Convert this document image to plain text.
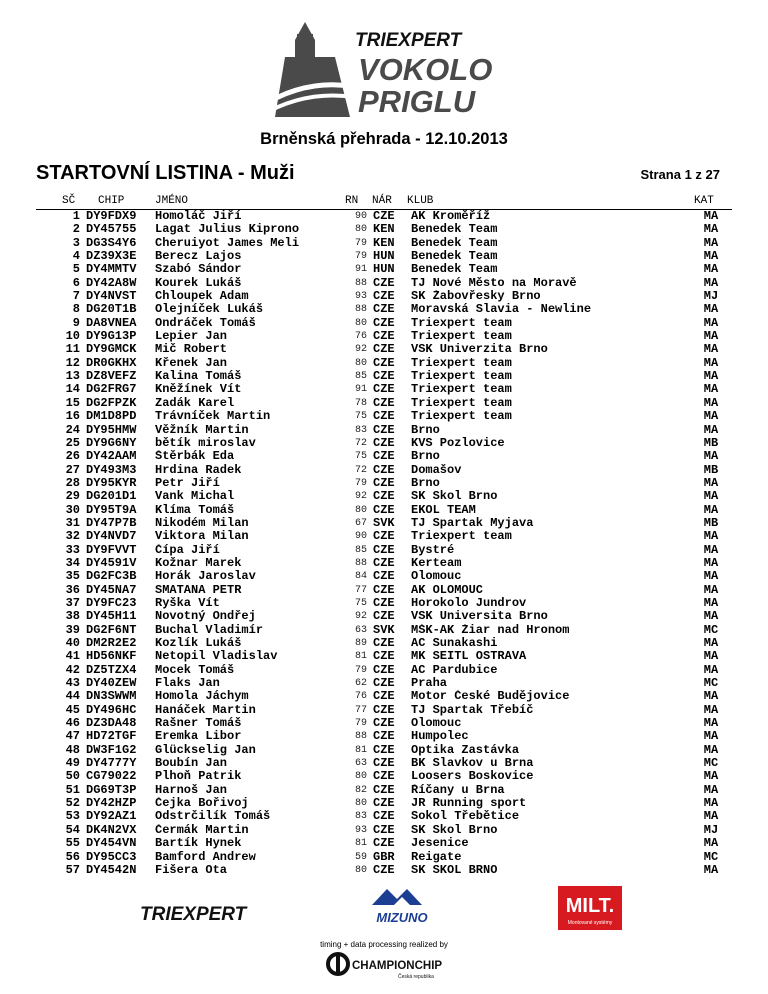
TRIEXPERT
VOKOLO
PRIGLU
Brněnská přehrada - 12.10.2013
STARTOVNÍ LISTINA - Muži	Strana 1 z 27
SČ CHIP	JMÉNO	RN NÁR KLUB	KAT
1		DY9FDX9	Homoláč Jiří	90		CZE	AK Kroměříž	MA
2		DY45755	Lagat Julius Kiprono	80		KEN	Benedek Team	MA
3		DG3S4Y6	Cheruiyot James Meli	79		KEN	Benedek Team	MA
4		DZ39X3E	Berecz Lajos	79		HUN	Benedek Team	MA
5		DY4MMTV	Szabó Sándor	91		HUN	Benedek Team	MA
6		DY42A8W	Kourek Lukáš	88		CZE	TJ Nové Město na Moravě	MA
7		DY4NVST	Chloupek Adam	93		CZE	SK Žabovřesky Brno	MJ
8		DG20T1B	Olejníček Lukáš	88		CZE	Moravská Slavia - Newline	MA
9		DA8VNEA	Ondráček Tomáš	80		CZE	Triexpert team	MA
10		DY9G13P	Lepier Jan	76		CZE	Triexpert team	MA
11		DY9GMCK	Mič Robert	92		CZE	VSK Univerzita Brno	MA
12		DR0GKHX	Křenek Jan	80		CZE	Triexpert team	MA
13		DZ8VEFZ	Kalina Tomáš	85		CZE	Triexpert team	MA
14		DG2FRG7	Kněžínek Vít	91		CZE	Triexpert team	MA
15		DG2FPZK	Zadák Karel	78		CZE	Triexpert team	MA
16		DM1D8PD	Trávníček Martin	75		CZE	Triexpert team	MA
24		DY95HMW	Věžník Martin	83		CZE	Brno	MA
25		DY9G6NY	bětík miroslav	72		CZE	KVS Pozlovice	MB
26		DY42AAM	Štěrbák Eda	75		CZE	Brno	MA
27		DY493M3	Hrdina Radek	72		CZE	Domašov	MB
28		DY95KYR	Petr Jiří	79		CZE	Brno	MA
29		DG201D1	Vank Michal	92		CZE	SK Skol Brno	MA
30		DY95T9A	Klíma Tomáš	80		CZE	EKOL TEAM	MA
31		DY47P7B	Nikodém Milan	67		SVK	TJ Spartak Myjava	MB
32		DY4NVD7	Viktora Milan	90		CZE	Triexpert team	MA
33		DY9FVVT	Čípa Jiří	85		CZE	Bystré	MA
34		DY4591V	Kožnar Marek	88		CZE	Kerteam	MA
35		DG2FC3B	Horák Jaroslav	84		CZE	Olomouc	MA
36		DY45NA7	SMATANA PETR	77		CZE	AK OLOMOUC	MA
37		DY9FC23	Ryška Vít	75		CZE	Horokolo Jundrov	MA
38		DY45H11	Novotný Ondřej	92		CZE	VSK Universita Brno	MA
39		DG2F6NT	Buchal Vladimír	63		SVK	MŠK-AK Žiar nad Hronom	MC
40		DM2R2E2	Kozlík Lukáš	89		CZE	AC Sunakashi	MA
41		HD56NKF	Netopil Vladislav	81		CZE	MK SEITL OSTRAVA	MA
42		DZ5TZX4	Mocek Tomáš	79		CZE	AC Pardubice	MA
43		DY40ZEW	Flaks Jan	62		CZE	Praha	MC
44		DN3SWWM	Homola Jáchym	76		CZE	Motor České Budějovice	MA
45		DY496HC	Hanáček Martin	77		CZE	TJ Spartak Třebíč	MA
46		DZ3DA48	Rašner Tomáš	79		CZE	Olomouc	MA
47		HD72TGF	Eremka Libor	88		CZE	Humpolec	MA
48		DW3F1G2	Glückselig Jan	81		CZE	Optika Zastávka	MA
49		DY4777Y	Boubín Jan	63		CZE	BK Slavkov u Brna	MC
50		CG79022	Plhoň Patrik	80		CZE	Loosers Boskovice	MA
51		DG69T3P	Harnoš Jan	82		CZE	Říčany u Brna	MA
52		DY42HZP	Čejka Bořivoj	80		CZE	JR Running sport	MA
53		DY92AZ1	Odstrčilík Tomáš	83		CZE	Sokol Třebětice	MA
54		DK4N2VX	Čermák Martin	93		CZE	SK Skol Brno	MJ
55		DY454VN	Bartík Hynek	81		CZE	Jesenice	MA
56		DY95CC3	Bamford Andrew	59		GBR	Reigate	MC
57		DY4542N	Fišera Ota	80		CZE	SK SKOL BRNO	MA
TRIEXPERT	MIZUNO
MILT.
Montované systémy
timing + data processing realized by
CHAMPIONCHIP
Česká republika
